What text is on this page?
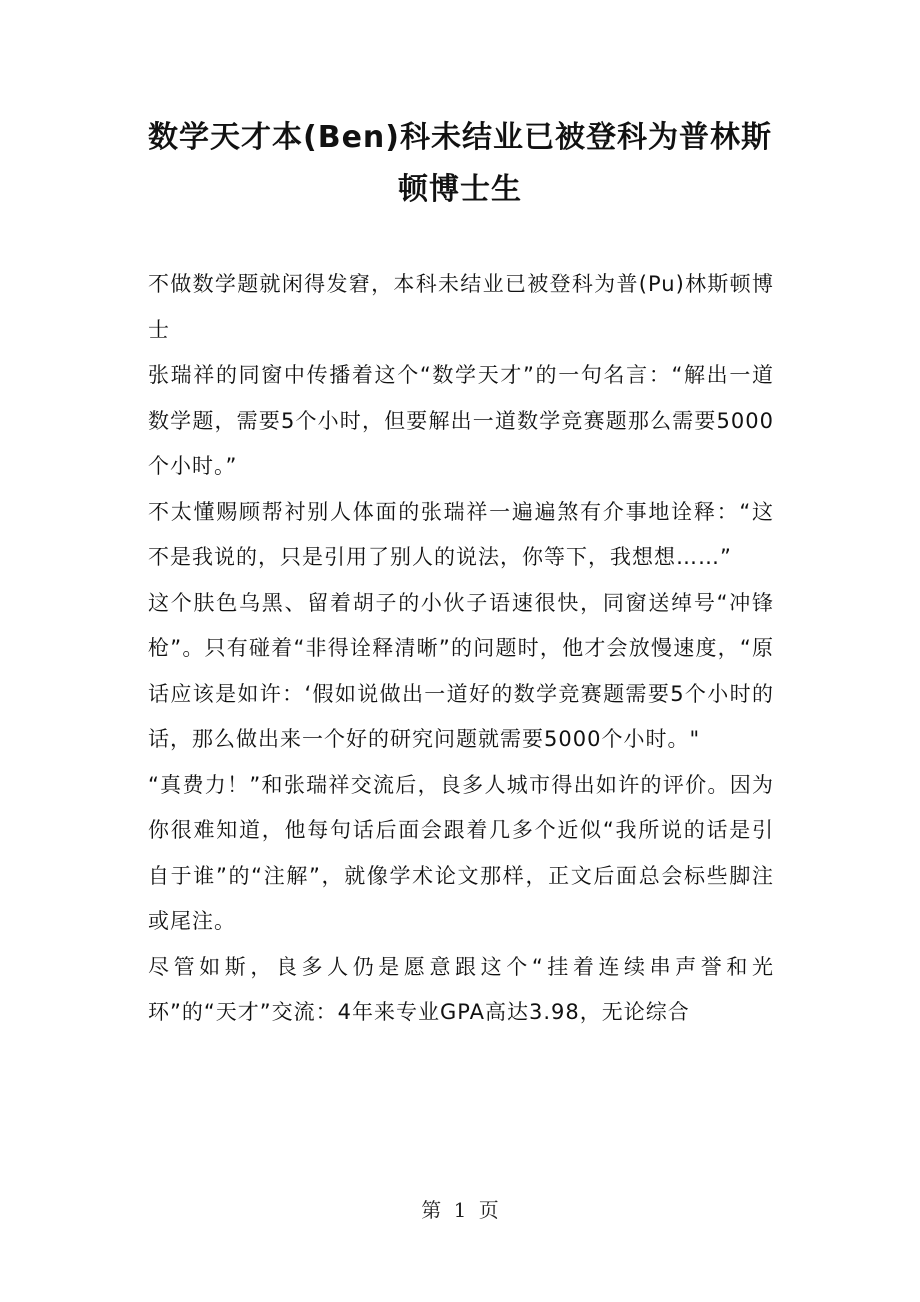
数学天才本(Ben)科未结业已被登科为普林斯顿博士生

不做数学题就闲得发窘，本科未结业已被登科为普(Pu)林斯顿博士

张瑞祥的同窗中传播着这个“数学天才”的一句名言：“解出一道数学题，需要5个小时，但要解出一道数学竞赛题那么需要5000个小时。”

不太懂赐顾帮衬别人体面的张瑞祥一遍遍煞有介事地诠释：“这不是我说的，只是引用了别人的说法，你等下，我想想……”

这个肤色乌黑、留着胡子的小伙子语速很快，同窗送绰号“冲锋枪”。只有碰着“非得诠释清晰”的问题时，他才会放慢速度，“原话应该是如许：‘假如说做出一道好的数学竞赛题需要5个小时的话，那么做出来一个好的研究问题就需要5000个小时。"

“真费力！”和张瑞祥交流后，良多人城市得出如许的评价。因为你很难知道，他每句话后面会跟着几多个近似“我所说的话是引自于谁”的“注解”，就像学术论文那样，正文后面总会标些脚注或尾注。

尽管如斯，良多人仍是愿意跟这个“挂着连续串声誉和光环”的“天才”交流：4年来专业GPA高达3.98，无论综合

第 1 页
